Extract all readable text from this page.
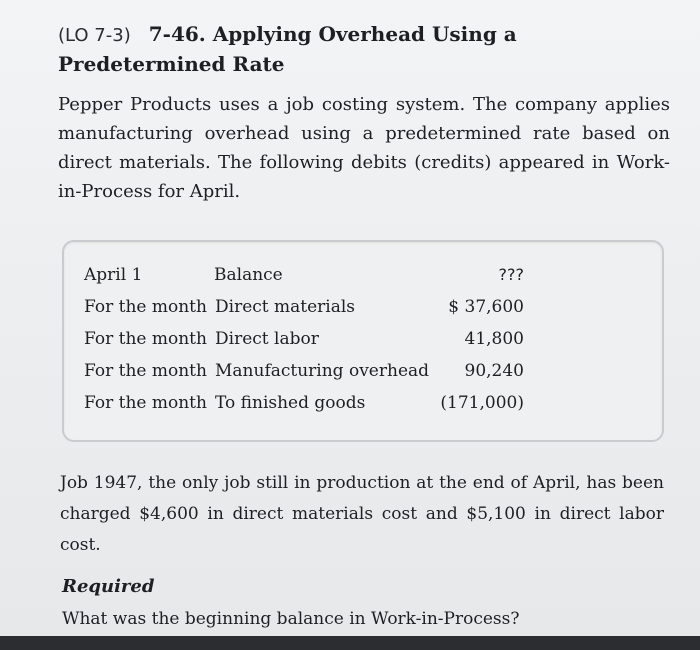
(LO 7-3) 7-46. Applying Overhead Using a Predetermined Rate
Pepper Products uses a job costing system. The company applies manufacturing overhead using a predetermined rate based on direct materials. The following debits (credits) appeared in Work-in-Process for April.
April 1	Balance	???
For the month Direct materials	$ 37,600
For the month Direct labor	41,800
For the month Manufacturing overhead 90,240
For the month To finished goods	(171,000)
Job 1947, the only job still in production at the end of April, has been charged $4,600 in direct materials cost and $5,100 in direct labor cost.
Required
What was the beginning balance in Work-in-Process?
